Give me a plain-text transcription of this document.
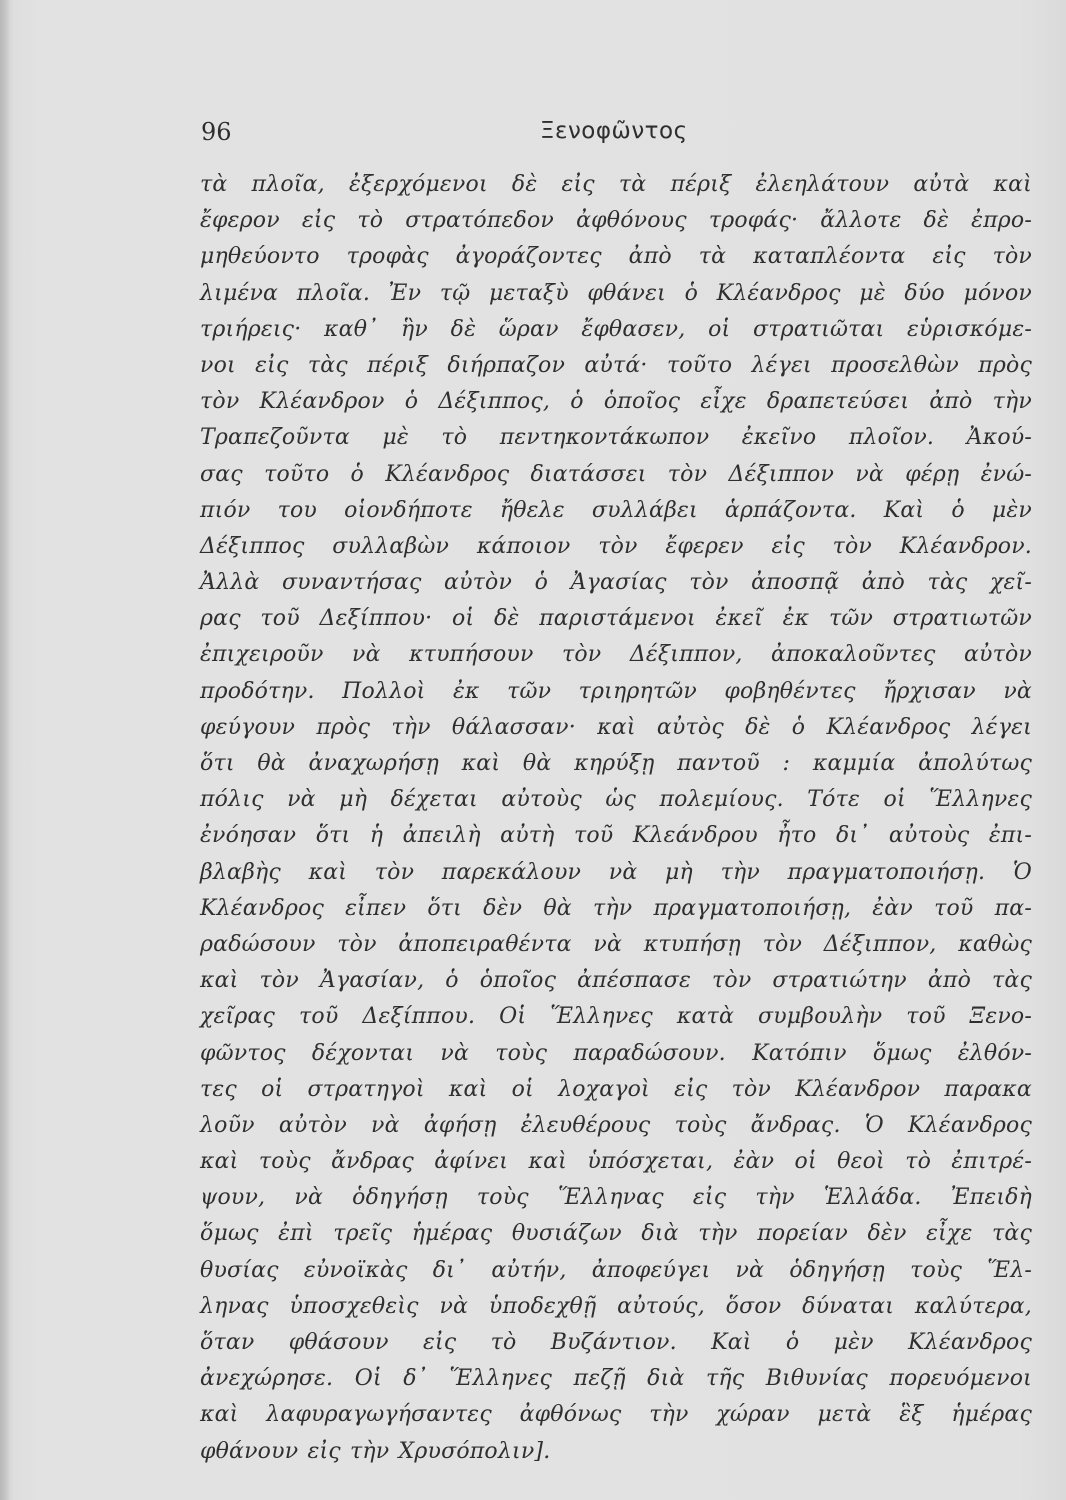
96	Ξενοφῶντος
τὰ πλοῖα, ἐξερχόμενοι δὲ εἰς τὰ πέριξ ἐλεηλάτουν αὐτὰ καὶ
ἔφερον εἰς τὸ στρατόπεδον ἀφθόνους τροφάς· ἄλλοτε δὲ ἐπρο-
μηθεύοντο τροφὰς ἀγοράζοντες ἀπὸ τὰ καταπλέοντα εἰς τὸν
λιμένα πλοῖα. Ἐν τῷ μεταξὺ φθάνει ὁ Κλέανδρος μὲ δύο μόνον
τριήρεις· καθ᾽ ἣν δὲ ὥραν ἔφθασεν, οἱ στρατιῶται εὑρισκόμε-
νοι εἰς τὰς πέριξ διήρπαζον αὐτά· τοῦτο λέγει προσελθὼν πρὸς
τὸν Κλέανδρον ὁ Δέξιππος, ὁ ὁποῖος εἶχε δραπετεύσει ἀπὸ τὴν
Τραπεζοῦντα μὲ τὸ πεντηκοντάκωπον ἐκεῖνο πλοῖον. Ἀκού-
σας τοῦτο ὁ Κλέανδρος διατάσσει τὸν Δέξιππον νὰ φέρῃ ἐνώ-
πιόν του οἱονδήποτε ἤθελε συλλάβει ἁρπάζοντα. Καὶ ὁ μὲν
Δέξιππος συλλαβὼν κάποιον τὸν ἔφερεν εἰς τὸν Κλέανδρον.
Ἀλλὰ συναντήσας αὐτὸν ὁ Ἀγασίας τὸν ἀποσπᾷ ἀπὸ τὰς χεῖ-
ρας τοῦ Δεξίππου· οἱ δὲ παριστάμενοι ἐκεῖ ἐκ τῶν στρατιωτῶν
ἐπιχειροῦν νὰ κτυπήσουν τὸν Δέξιππον, ἀποκαλοῦντες αὐτὸν
προδότην. Πολλοὶ ἐκ τῶν τριηρητῶν φοβηθέντες ἤρχισαν νὰ
φεύγουν πρὸς τὴν θάλασσαν· καὶ αὐτὸς δὲ ὁ Κλέανδρος λέγει
ὅτι θὰ ἀναχωρήσῃ καὶ θὰ κηρύξῃ παντοῦ : καμμία ἀπολύτως
πόλις νὰ μὴ δέχεται αὐτοὺς ὡς πολεμίους. Τότε οἱ Ἕλληνες
ἐνόησαν ὅτι ἡ ἀπειλὴ αὐτὴ τοῦ Κλεάνδρου ἦτο δι᾽ αὐτοὺς ἐπι-
βλαβὴς καὶ τὸν παρεκάλουν νὰ μὴ τὴν πραγματοποιήσῃ. Ὁ
Κλέανδρος εἶπεν ὅτι δὲν θὰ τὴν πραγματοποιήσῃ, ἐὰν τοῦ πα-
ραδώσουν τὸν ἀποπειραθέντα νὰ κτυπήσῃ τὸν Δέξιππον, καθὼς
καὶ τὸν Ἀγασίαν, ὁ ὁποῖος ἀπέσπασε τὸν στρατιώτην ἀπὸ τὰς
χεῖρας τοῦ Δεξίππου. Οἱ Ἕλληνες κατὰ συμβουλὴν τοῦ Ξενο-
φῶντος δέχονται νὰ τοὺς παραδώσουν. Κατόπιν ὅμως ἐλθόν-
τες οἱ στρατηγοὶ καὶ οἱ λοχαγοὶ εἰς τὸν Κλέανδρον παρακα
λοῦν αὐτὸν νὰ ἀφήσῃ ἐλευθέρους τοὺς ἄνδρας. Ὁ Κλέανδρος
καὶ τοὺς ἄνδρας ἀφίνει καὶ ὑπόσχεται, ἐὰν οἱ θεοὶ τὸ ἐπιτρέ-
ψουν, νὰ ὁδηγήσῃ τοὺς Ἕλληνας εἰς τὴν Ἑλλάδα. Ἐπειδὴ
ὅμως ἐπὶ τρεῖς ἡμέρας θυσιάζων διὰ τὴν πορείαν δὲν εἶχε τὰς
θυσίας εὐνοϊκὰς δι᾽ αὐτήν, ἀποφεύγει νὰ ὁδηγήσῃ τοὺς Ἕλ-
ληνας ὑποσχεθεὶς νὰ ὑποδεχθῇ αὐτούς, ὅσον δύναται καλύτερα,
ὅταν φθάσουν εἰς τὸ Βυζάντιον. Καὶ ὁ μὲν Κλέανδρος
ἀνεχώρησε. Οἱ δ᾽ Ἕλληνες πεζῇ διὰ τῆς Βιθυνίας πορευόμενοι
καὶ λαφυραγωγήσαντες ἀφθόνως τὴν χώραν μετὰ ἓξ ἡμέρας
φθάνουν εἰς τὴν Χρυσόπολιν].
